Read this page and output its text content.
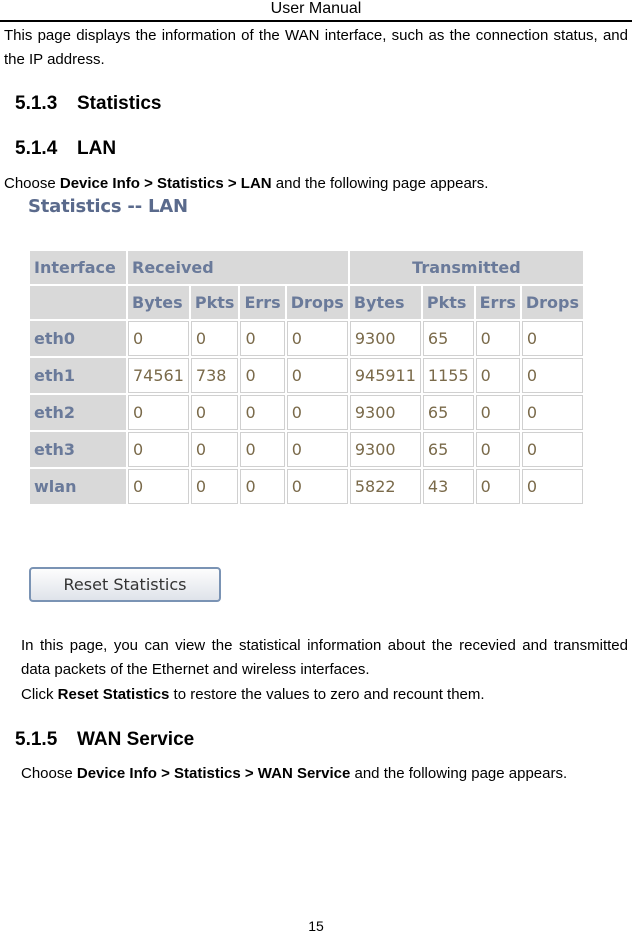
User Manual
This page displays the information of the WAN interface, such as the connection status, and the IP address.
5.1.3 Statistics
5.1.4 LAN
Choose Device Info > Statistics > LAN and the following page appears.
Statistics -- LAN
Interface	Received				Transmitted			
	Bytes	Pkts	Errs	Drops	Bytes	Pkts	Errs	Drops
eth0	0	0	0	0	9300	65	0	0
eth1	74561	738	0	0	945911	1155	0	0
eth2	0	0	0	0	9300	65	0	0
eth3	0	0	0	0	9300	65	0	0
wlan	0	0	0	0	5822	43	0	0
Reset Statistics
In this page, you can view the statistical information about the recevied and transmitted data packets of the Ethernet and wireless interfaces.
Click Reset Statistics to restore the values to zero and recount them.
5.1.5 WAN Service
Choose Device Info > Statistics > WAN Service and the following page appears.
15
